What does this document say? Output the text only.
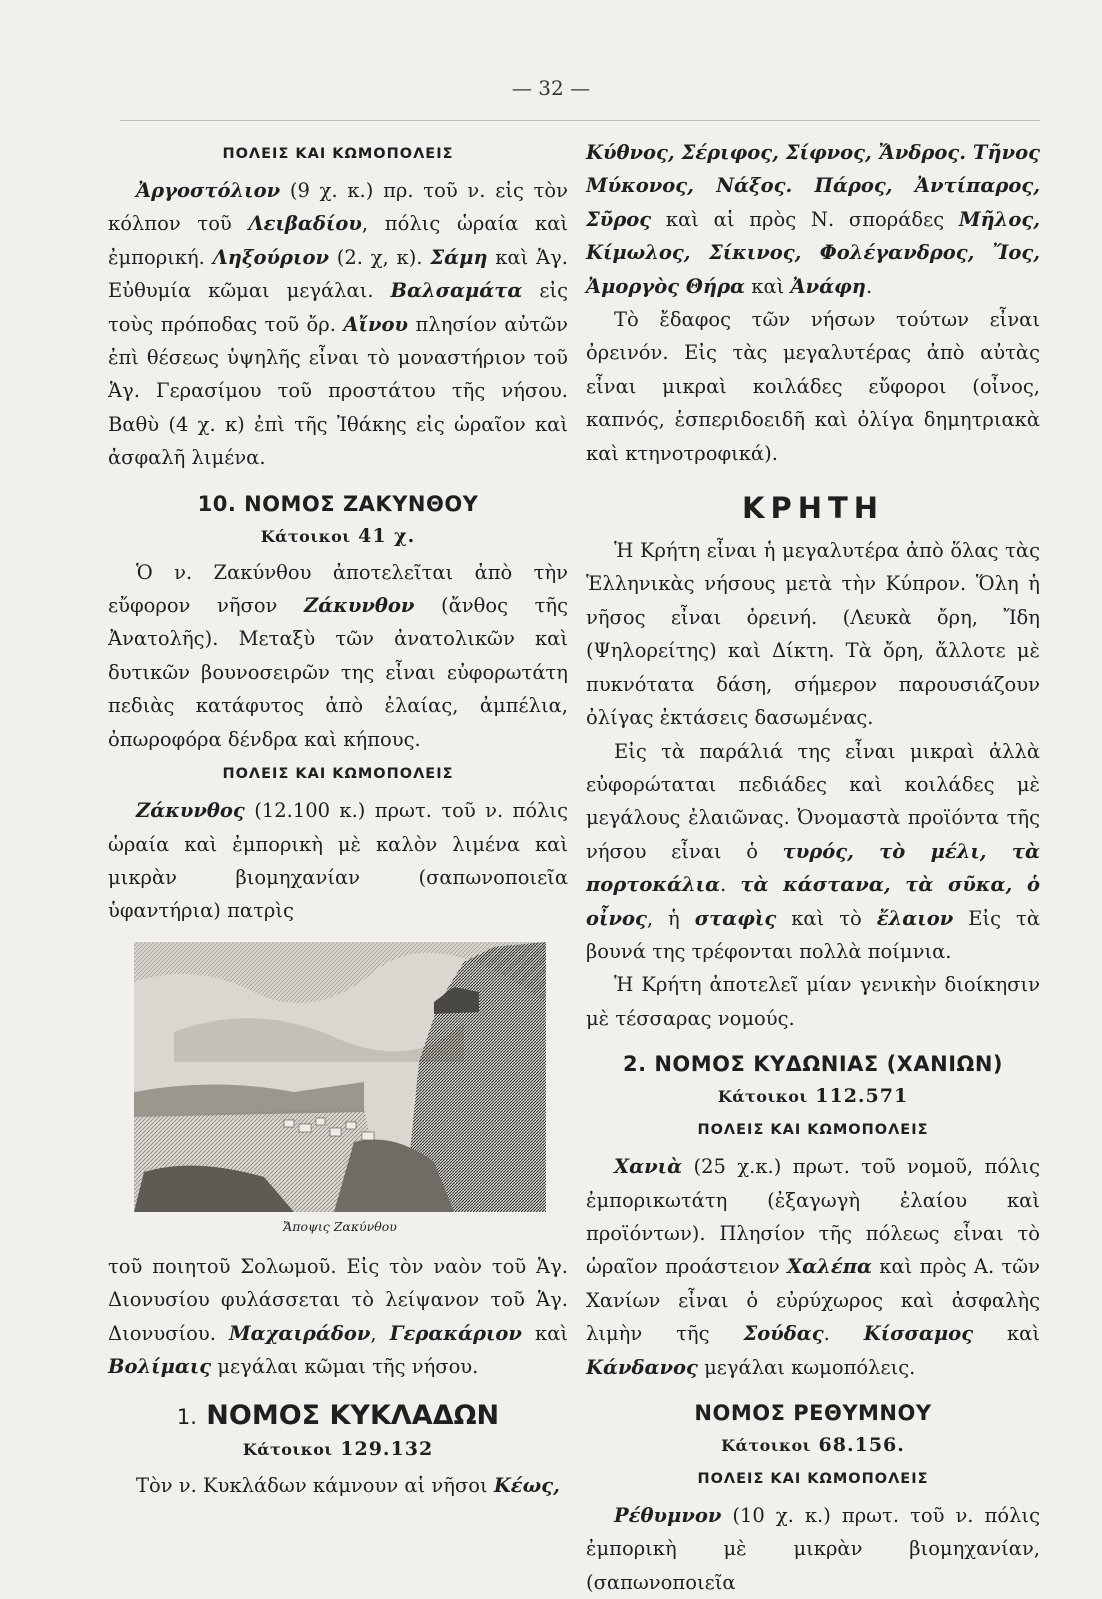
— 32 —
ΠΟΛΕΙΣ ΚΑΙ ΚΩΜΟΠΟΛΕΙΣ

Ἀργοστόλιον (9 χ. κ.) πρ. τοῦ ν. εἰς τὸν κόλπον τοῦ Λειβαδίου, πόλις ὡραία καὶ ἐμπορική. Ληξούριον (2. χ, κ). Σάμη καὶ Ἁγ. Εὐθυμία κῶμαι μεγάλαι. Βαλσαμάτα εἰς τοὺς πρόποδας τοῦ ὄρ. Αἴνου πλησίον αὐτῶν ἐπὶ θέσεως ὑψηλῆς εἶναι τὸ μοναστήριον τοῦ Ἁγ. Γερασίμου τοῦ προστάτου τῆς νήσου. Βαθὺ (4 χ. κ) ἐπὶ τῆς Ἰθάκης εἰς ὡραῖον καὶ ἀσφαλῆ λιμένα.

10. ΝΟΜΟΣ ΖΑΚΥΝΘΟΥ
Κάτοικοι 41 χ.

Ὁ ν. Ζακύνθου ἀποτελεῖται ἀπὸ τὴν εὔφορον νῆσον Ζάκυνθον (ἄνθος τῆς Ἀνατολῆς). Μεταξὺ τῶν ἀνατολικῶν καὶ δυτικῶν βουνοσειρῶν της εἶναι εὐφορωτάτη πεδιὰς κατάφυτος ἀπὸ ἐλαίας, ἀμπέλια, ὀπωροφόρα δένδρα καὶ κήπους.

ΠΟΛΕΙΣ ΚΑΙ ΚΩΜΟΠΟΛΕΙΣ

Ζάκυνθος (12.100 κ.) πρωτ. τοῦ ν. πόλις ὡραία καὶ ἐμπορικὴ μὲ καλὸν λιμένα καὶ μικρὰν βιομηχανίαν (σαπωνοποιεῖα ὑφαντήρια) πατρὶς

Ἄποψις Ζακύνθου

τοῦ ποιητοῦ Σολωμοῦ. Εἰς τὸν ναὸν τοῦ Ἁγ. Διονυσίου φυλάσσεται τὸ λείψανον τοῦ Ἁγ. Διονυσίου. Μαχαιράδον, Γερακάριον καὶ Βολίμαις μεγάλαι κῶμαι τῆς νήσου.

1. ΝΟΜΟΣ ΚΥΚΛΑΔΩΝ
Κάτοικοι 129.132

Τὸν ν. Κυκλάδων κάμνουν αἱ νῆσοι Κέως,

Κύθνος, Σέριφος, Σίφνος, Ἄνδρος. Τῆνος Μύκονος, Νάξος. Πάρος, Ἀντίπαρος, Σῦρος καὶ αἱ πρὸς Ν. σποράδες Μῆλος, Κίμωλος, Σίκινος, Φολέγανδρος, Ἴος, Ἀμοργὸς Θήρα καὶ Ἀνάφη.

Τὸ ἔδαφος τῶν νήσων τούτων εἶναι ὀρεινόν. Εἰς τὰς μεγαλυτέρας ἀπὸ αὐτὰς εἶναι μικραὶ κοιλάδες εὔφοροι (οἶνος, καπνός, ἑσπεριδοειδῆ καὶ ὀλίγα δημητριακὰ καὶ κτηνοτροφικά).

ΚΡΗΤΗ

Ἡ Κρήτη εἶναι ἡ μεγαλυτέρα ἀπὸ ὅλας τὰς Ἑλληνικὰς νήσους μετὰ τὴν Κύπρον. Ὅλη ἡ νῆσος εἶναι ὀρεινή. (Λευκὰ ὄρη, Ἴδη (Ψηλορείτης) καὶ Δίκτη. Τὰ ὄρη, ἄλλοτε μὲ πυκνότατα δάση, σήμερον παρουσιάζουν ὀλίγας ἐκτάσεις δασωμένας.

Εἰς τὰ παράλιά της εἶναι μικραὶ ἀλλὰ εὐφορώταται πεδιάδες καὶ κοιλάδες μὲ μεγάλους ἐλαιῶνας. Ὀνομαστὰ προϊόντα τῆς νήσου εἶναι ὁ τυρός, τὸ μέλι, τὰ πορτοκάλια. τὰ κάστανα, τὰ σῦκα, ὁ οἶνος, ἡ σταφὶς καὶ τὸ ἔλαιον Εἰς τὰ βουνά της τρέφονται πολλὰ ποίμνια.

Ἡ Κρήτη ἀποτελεῖ μίαν γενικὴν διοίκησιν μὲ τέσσαρας νομούς.

2. ΝΟΜΟΣ ΚΥΔΩΝΙΑΣ (ΧΑΝΙΩΝ)
Κάτοικοι 112.571
ΠΟΛΕΙΣ ΚΑΙ ΚΩΜΟΠΟΛΕΙΣ

Χανιὰ (25 χ.κ.) πρωτ. τοῦ νομοῦ, πόλις ἐμπορικωτάτη (ἐξαγωγὴ ἐλαίου καὶ προϊόντων). Πλησίον τῆς πόλεως εἶναι τὸ ὡραῖον προάστειον Χαλέπα καὶ πρὸς Α. τῶν Χανίων εἶναι ὁ εὐρύχωρος καὶ ἀσφαλὴς λιμὴν τῆς Σούδας. Κίσσαμος καὶ Κάνδανος μεγάλαι κωμοπόλεις.

ΝΟΜΟΣ ΡΕΘΥΜΝΟΥ
Κάτοικοι 68.156.
ΠΟΛΕΙΣ ΚΑΙ ΚΩΜΟΠΟΛΕΙΣ

Ρέθυμνον (10 χ. κ.) πρωτ. τοῦ ν. πόλις ἐμπορικὴ μὲ μικρὰν βιομηχανίαν, (σαπωνοποιεῖα
